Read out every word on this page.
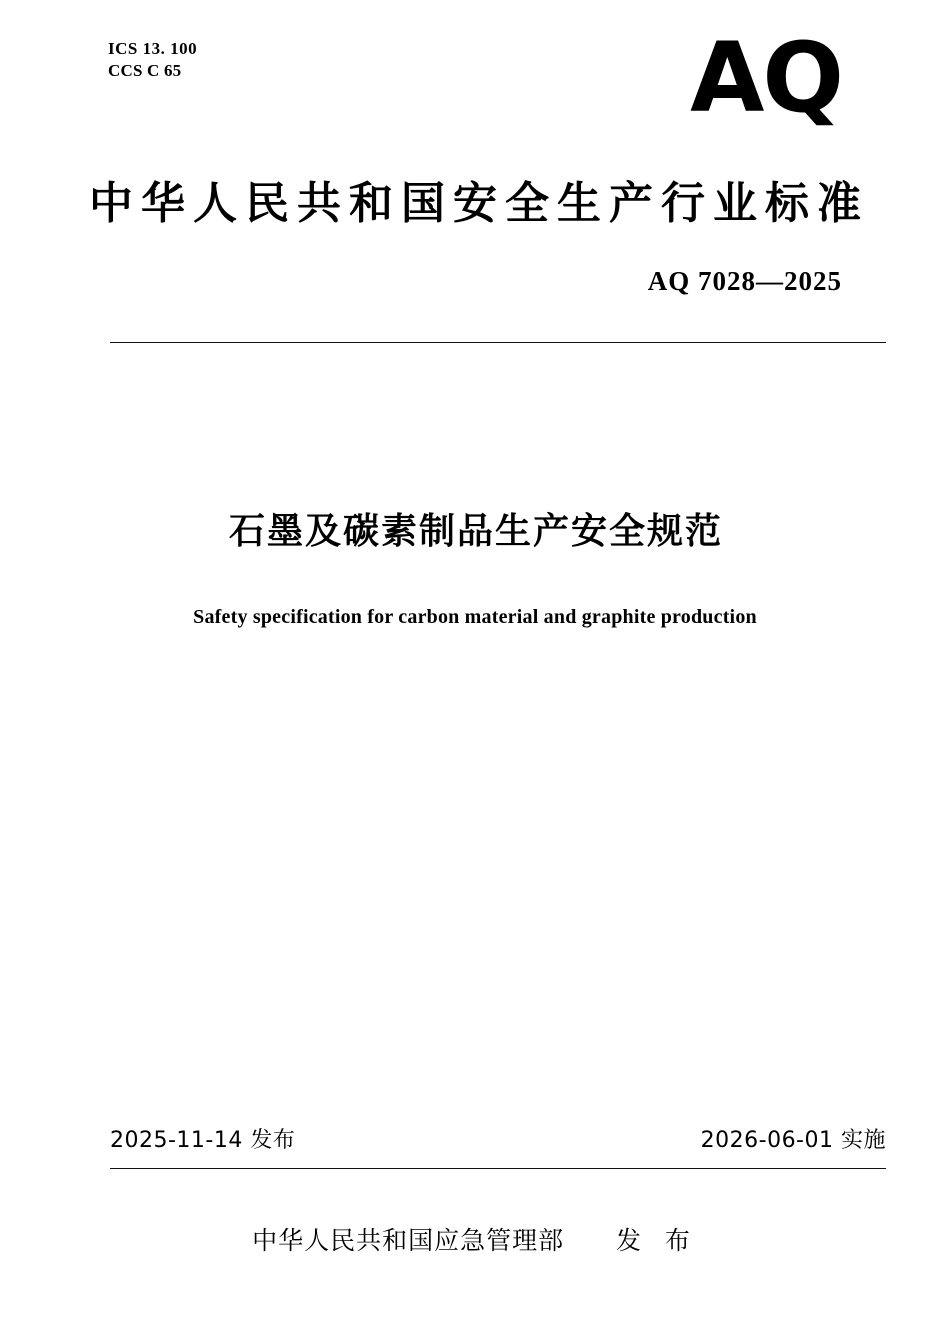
ICS 13. 100
CCS C 65	AQ
中华人民共和国安全生产行业标准
AQ 7028—2025
石墨及碳素制品生产安全规范
Safety specification for carbon material and graphite production
2025-11-14 发布	2026-06-01 实施
中华人民共和国应急管理部 发 布
